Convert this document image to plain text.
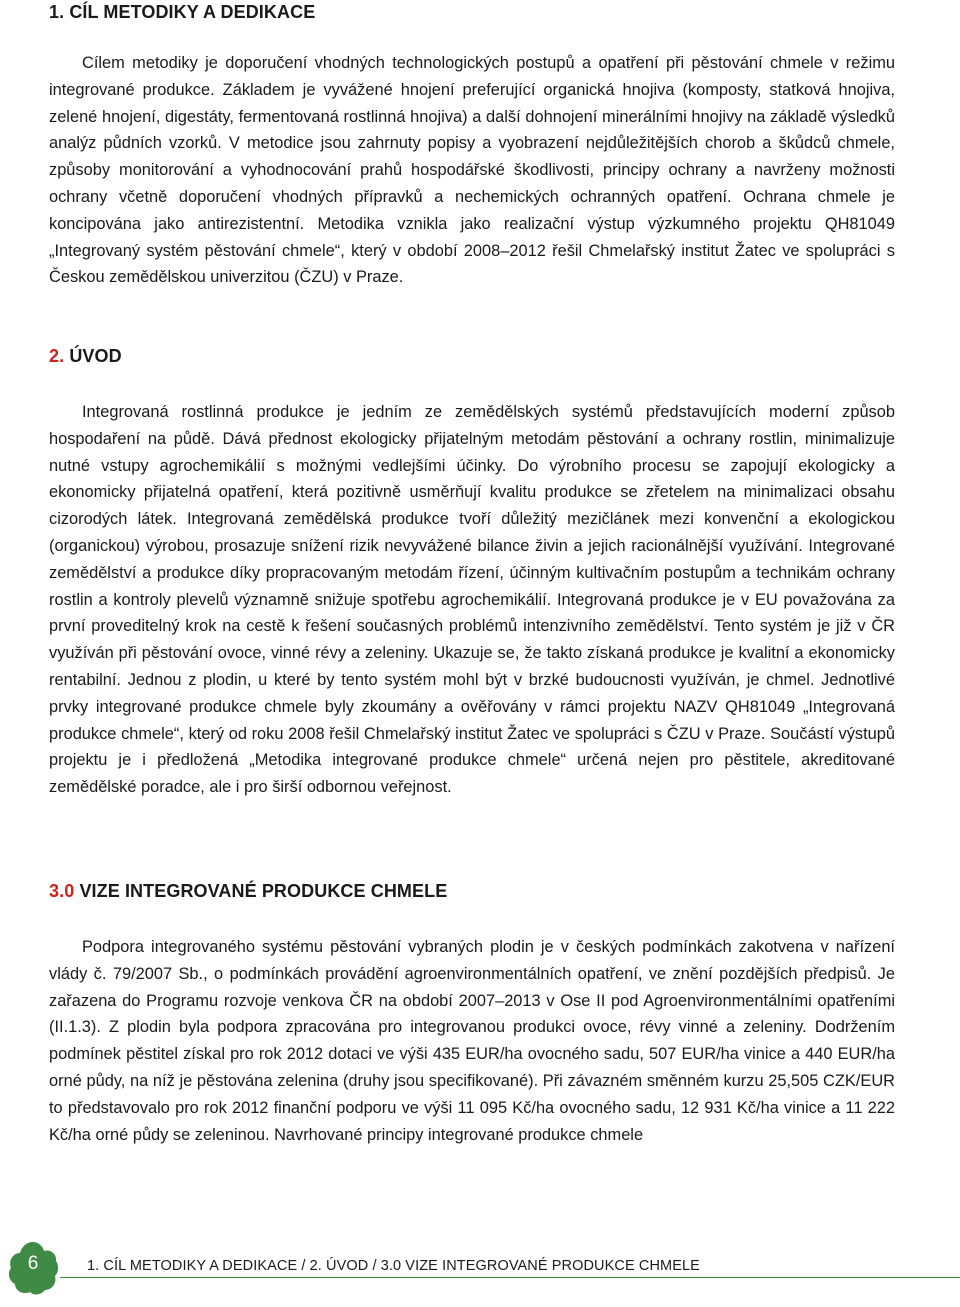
1. CÍL METODIKY A DEDIKACE

Cílem metodiky je doporučení vhodných technologických postupů a opatření při pěstování chmele v režimu integrované produkce. Základem je vyvážené hnojení preferující organická hnojiva (komposty, statková hnojiva, zelené hnojení, digestáty, fermentovaná rostlinná hnojiva) a další dohnojení minerálními hnojivy na základě výsledků analýz půdních vzorků. V metodice jsou zahrnuty popisy a vyobrazení nejdůležitějších chorob a škůdců chmele, způsoby monitorování a vyhodnocování prahů hospodářské škodlivosti, principy ochrany a navrženy možnosti ochrany včetně doporučení vhodných přípravků a nechemických ochranných opatření. Ochrana chmele je koncipována jako antirezistentní. Metodika vznikla jako realizační výstup výzkumného projektu QH81049 „Integrovaný systém pěstování chmele“, který v období 2008–2012 řešil Chmelařský institut Žatec ve spolupráci s Českou zemědělskou univerzitou (ČZU) v Praze.

2. ÚVOD

Integrovaná rostlinná produkce je jedním ze zemědělských systémů představujících moderní způsob hospodaření na půdě. Dává přednost ekologicky přijatelným metodám pěstování a ochrany rostlin, minimalizuje nutné vstupy agrochemikálií s možnými vedlejšími účinky. Do výrobního procesu se zapojují ekologicky a ekonomicky přijatelná opatření, která pozitivně usměrňují kvalitu produkce se zřetelem na minimalizaci obsahu cizorodých látek. Integrovaná zemědělská produkce tvoří důležitý mezičlánek mezi konvenční a ekologickou (organickou) výrobou, prosazuje snížení rizik nevyvážené bilance živin a jejich racionálnější využívání. Integrované zemědělství a produkce díky propracovaným metodám řízení, účinným kultivačním postupům a technikám ochrany rostlin a kontroly plevelů významně snižuje spotřebu agrochemikálií. Integrovaná produkce je v EU považována za první proveditelný krok na cestě k řešení současných problémů intenzivního zemědělství. Tento systém je již v ČR využíván při pěstování ovoce, vinné révy a zeleniny. Ukazuje se, že takto získaná produkce je kvalitní a ekonomicky rentabilní. Jednou z plodin, u které by tento systém mohl být v brzké budoucnosti využíván, je chmel. Jednotlivé prvky integrované produkce chmele byly zkoumány a ověřovány v rámci projektu NAZV QH81049 „Integrovaná produkce chmele“, který od roku 2008 řešil Chmelařský institut Žatec ve spolupráci s ČZU v Praze. Součástí výstupů projektu je i předložená „Metodika integrované produkce chmele“ určená nejen pro pěstitele, akreditované zemědělské poradce, ale i pro širší odbornou veřejnost.

3.0 VIZE INTEGROVANÉ PRODUKCE CHMELE

Podpora integrovaného systému pěstování vybraných plodin je v českých podmínkách zakotvena v nařízení vlády č. 79/2007 Sb., o podmínkách provádění agroenvironmentálních opatření, ve znění pozdějších předpisů. Je zařazena do Programu rozvoje venkova ČR na období 2007–2013 v Ose II pod Agroenvironmentálními opatřeními (II.1.3). Z plodin byla podpora zpracována pro integrovanou produkci ovoce, révy vinné a zeleniny. Dodržením podmínek pěstitel získal pro rok 2012 dotaci ve výši 435 EUR/ha ovocného sadu, 507 EUR/ha vinice a 440 EUR/ha orné půdy, na níž je pěstována zelenina (druhy jsou specifikované). Při závazném směnném kurzu 25,505 CZK/EUR to představovalo pro rok 2012 finanční podporu ve výši 11 095 Kč/ha ovocného sadu, 12 931 Kč/ha vinice a 11 222 Kč/ha orné půdy se zeleninou. Navrhované principy integrované produkce chmele

6	1. CÍL METODIKY A DEDIKACE / 2. ÚVOD / 3.0 VIZE INTEGROVANÉ PRODUKCE CHMELE
